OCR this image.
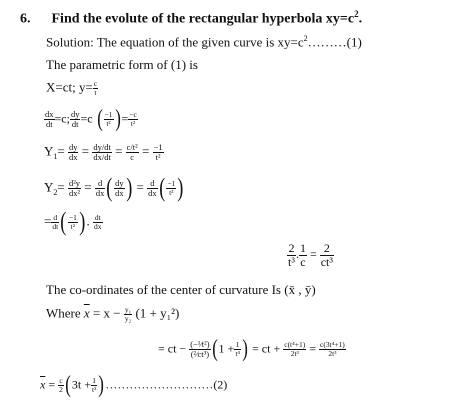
6. Find the evolute of the rectangular hyperbola $xy=c^2$.
Solution: The equation of the given curve is $xy=c^2\dots\dots\dots(1)$
The parametric form of (1) is
X=ct; $y= \frac{c}{t}$
$\frac{dx}{dt} =c$; $\frac{dy}{dt} =c$ ( $\frac{-1}{\text{t²}}$ )= $\frac{-c}{\text{t²}}$
$Y_1= \frac{dy}{dx} = \frac{dy/dt}{dx/dt} = \frac{\text{c/t²}}{c} = \frac{-1}{\text{t²}}$
$Y_2= \frac{\text{d²y}}{\text{dx²}} = \frac{d}{dx}$ ( $\frac{dy}{dx}$ ) = $\frac{d}{dx}$ ( $\frac{-1}{\text{t²}}$ )
= $\frac{d}{dt}$ ( $\frac{-1}{\text{t²}}$ ). $\frac{dt}{dx}$
$\frac{2}{\text{t³}}$ . $\frac{1}{c} = \frac{2}{\text{ct³}}$
The co-ordinates of the center of curvature Is (x̄ , ȳ)
Where $\overline{x} = x - \frac{\text{y₁}}{\text{y₂}} (1 + y_1^2)$
= ct − $\frac{\text{(−¹⁄t²)}}{\text{(²⁄ct³)}} (1 + \frac{1}{\text{t⁴}}$ ) = ct + $\frac{\text{c(t⁴+1)}}{\text{2t³}} = \frac{\text{c(3t⁴+1)}}{\text{2t³}}$
$\overline{x} = \frac{c}{2} (3t + \frac{1}{\text{t³}}$ )………………………(2)
